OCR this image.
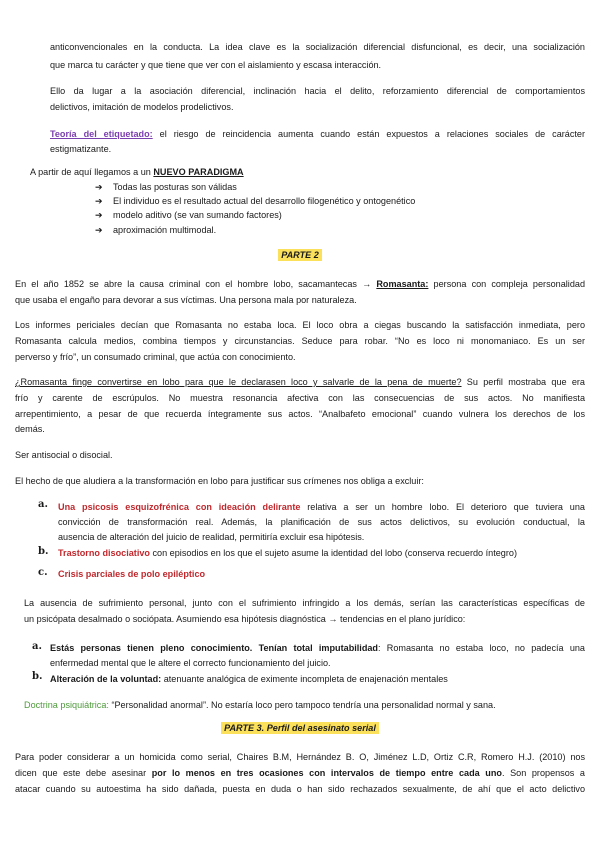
anticonvencionales en la conducta. La idea clave es la socialización diferencial disfuncional, es decir, una socialización

que marca tu carácter y que tiene que ver con el aislamiento y escasa interacción.

Ello da lugar a la asociación diferencial, inclinación hacia el delito, reforzamiento diferencial de comportamientos

delictivos, imitación de modelos prodelictivos.

Teoría del etiquetado: el riesgo de reincidencia aumenta cuando están expuestos a relaciones sociales de carácter

estigmatizante.

A partir de aquí llegamos a un NUEVO PARADIGMA

➔ Todas las posturas son válidas
➔ El individuo es el resultado actual del desarrollo filogenético y ontogenético
➔ modelo aditivo (se van sumando factores)
➔ aproximación multimodal.
PARTE 2

En el año 1852 se abre la causa criminal con el hombre lobo, sacamantecas → Romasanta: persona con compleja personalidad

que usaba el engaño para devorar a sus víctimas. Una persona mala por naturaleza.

Los informes periciales decían que Romasanta no estaba loca. El loco obra a ciegas buscando la satisfacción inmediata, pero

Romasanta calcula medios, combina tiempos y circunstancias. Seduce para robar. “No es loco ni monomaniaco. Es un ser

perverso y frío”, un consumado criminal, que actúa con conocimiento.

¿Romasanta finge convertirse en lobo para que le declarasen loco y salvarle de la pena de muerte? Su perfil mostraba que era

frío y carente de escrúpulos. No muestra resonancia afectiva con las consecuencias de sus actos. No manifiesta

arrepentimiento, a pesar de que recuerda íntegramente sus actos. “Analbafeto emocional” cuando vulnera los derechos de los

demás.

Ser antisocial o disocial.

El hecho de que aludiera a la transformación en lobo para justificar sus crímenes nos obliga a excluir:

a. Una psicosis esquizofrénica con ideación delirante relativa a ser un hombre lobo. El deterioro que tuviera una

convicción de transformación real. Además, la planificación de sus actos delictivos, su evolución conductual, la

ausencia de alteración del juicio de realidad, permitiría excluir esa hipótesis.

b. Trastorno disociativo con episodios en los que el sujeto asume la identidad del lobo (conserva recuerdo íntegro)

c. Crisis parciales de polo epiléptico

La ausencia de sufrimiento personal, junto con el sufrimiento infringido a los demás, serían las características específicas de

un psicópata desalmado o sociópata. Asumiendo esa hipótesis diagnóstica → tendencias en el plano jurídico:

a. Estás personas tienen pleno conocimiento. Tenían total imputabilidad: Romasanta no estaba loco, no padecía una

enfermedad mental que le altere el correcto funcionamiento del juicio.

b. Alteración de la voluntad: atenuante analógica de eximente incompleta de enajenación mentales

Doctrina psiquiátrica: “Personalidad anormal”. No estaría loco pero tampoco tendría una personalidad normal y sana.

PARTE 3. Perfil del asesinato serial

Para poder considerar a un homicida como serial, Chaires B.M, Hernández B. O, Jiménez L.D, Ortiz C.R, Romero H.J. (2010) nos

dicen que este debe asesinar por lo menos en tres ocasiones con intervalos de tiempo entre cada uno. Son propensos a

atacar cuando su autoestima ha sido dañada, puesta en duda o han sido rechazados sexualmente, de ahí que el acto delictivo
